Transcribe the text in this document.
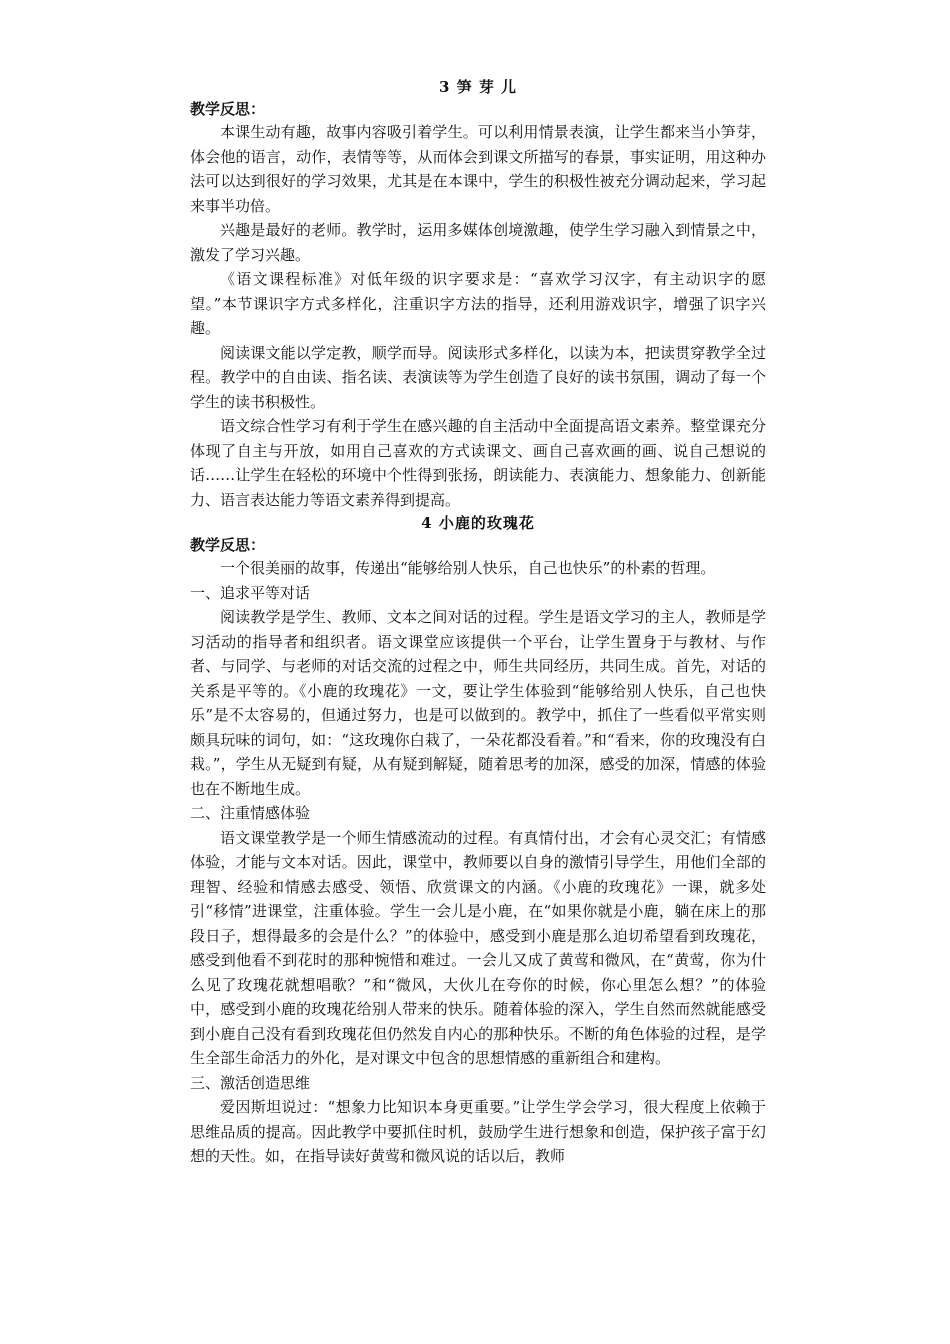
3 笋 芽 儿

教学反思：

本课生动有趣，故事内容吸引着学生。可以利用情景表演，让学生都来当小笋芽，体会他的语言，动作，表情等等，从而体会到课文所描写的春景，事实证明，用这种办法可以达到很好的学习效果，尤其是在本课中，学生的积极性被充分调动起来，学习起来事半功倍。

兴趣是最好的老师。教学时，运用多媒体创境激趣，使学生学习融入到情景之中，激发了学习兴趣。

《语文课程标准》对低年级的识字要求是：“喜欢学习汉字，有主动识字的愿望。”本节课识字方式多样化，注重识字方法的指导，还利用游戏识字，增强了识字兴趣。

阅读课文能以学定教，顺学而导。阅读形式多样化，以读为本，把读贯穿教学全过程。教学中的自由读、指名读、表演读等为学生创造了良好的读书氛围，调动了每一个学生的读书积极性。

语文综合性学习有利于学生在感兴趣的自主活动中全面提高语文素养。整堂课充分体现了自主与开放，如用自己喜欢的方式读课文、画自己喜欢画的画、说自己想说的话……让学生在轻松的环境中个性得到张扬，朗读能力、表演能力、想象能力、创新能力、语言表达能力等语文素养得到提高。

4 小鹿的玫瑰花

教学反思：

一个很美丽的故事，传递出“能够给别人快乐，自己也快乐”的朴素的哲理。

一、追求平等对话

阅读教学是学生、教师、文本之间对话的过程。学生是语文学习的主人，教师是学习活动的指导者和组织者。语文课堂应该提供一个平台，让学生置身于与教材、与作者、与同学、与老师的对话交流的过程之中，师生共同经历，共同生成。首先，对话的关系是平等的。《小鹿的玫瑰花》一文，要让学生体验到“能够给别人快乐，自己也快乐”是不太容易的，但通过努力，也是可以做到的。教学中，抓住了一些看似平常实则颇具玩味的词句，如：“这玫瑰你白栽了，一朵花都没看着。”和“看来，你的玫瑰没有白栽。”，学生从无疑到有疑，从有疑到解疑，随着思考的加深，感受的加深，情感的体验也在不断地生成。

二、注重情感体验

语文课堂教学是一个师生情感流动的过程。有真情付出，才会有心灵交汇；有情感体验，才能与文本对话。因此，课堂中，教师要以自身的激情引导学生，用他们全部的理智、经验和情感去感受、领悟、欣赏课文的内涵。《小鹿的玫瑰花》一课，就多处引“移情”进课堂，注重体验。学生一会儿是小鹿，在“如果你就是小鹿，躺在床上的那段日子，想得最多的会是什么？”的体验中，感受到小鹿是那么迫切希望看到玫瑰花，感受到他看不到花时的那种惋惜和难过。一会儿又成了黄莺和微风，在“黄莺，你为什么见了玫瑰花就想唱歌？”和“微风，大伙儿在夸你的时候，你心里怎么想？”的体验中，感受到小鹿的玫瑰花给别人带来的快乐。随着体验的深入，学生自然而然就能感受到小鹿自己没有看到玫瑰花但仍然发自内心的那种快乐。不断的角色体验的过程，是学生全部生命活力的外化，是对课文中包含的思想情感的重新组合和建构。

三、激活创造思维

爱因斯坦说过：“想象力比知识本身更重要。”让学生学会学习，很大程度上依赖于思维品质的提高。因此教学中要抓住时机，鼓励学生进行想象和创造，保护孩子富于幻想的天性。如，在指导读好黄莺和微风说的话以后，教师
